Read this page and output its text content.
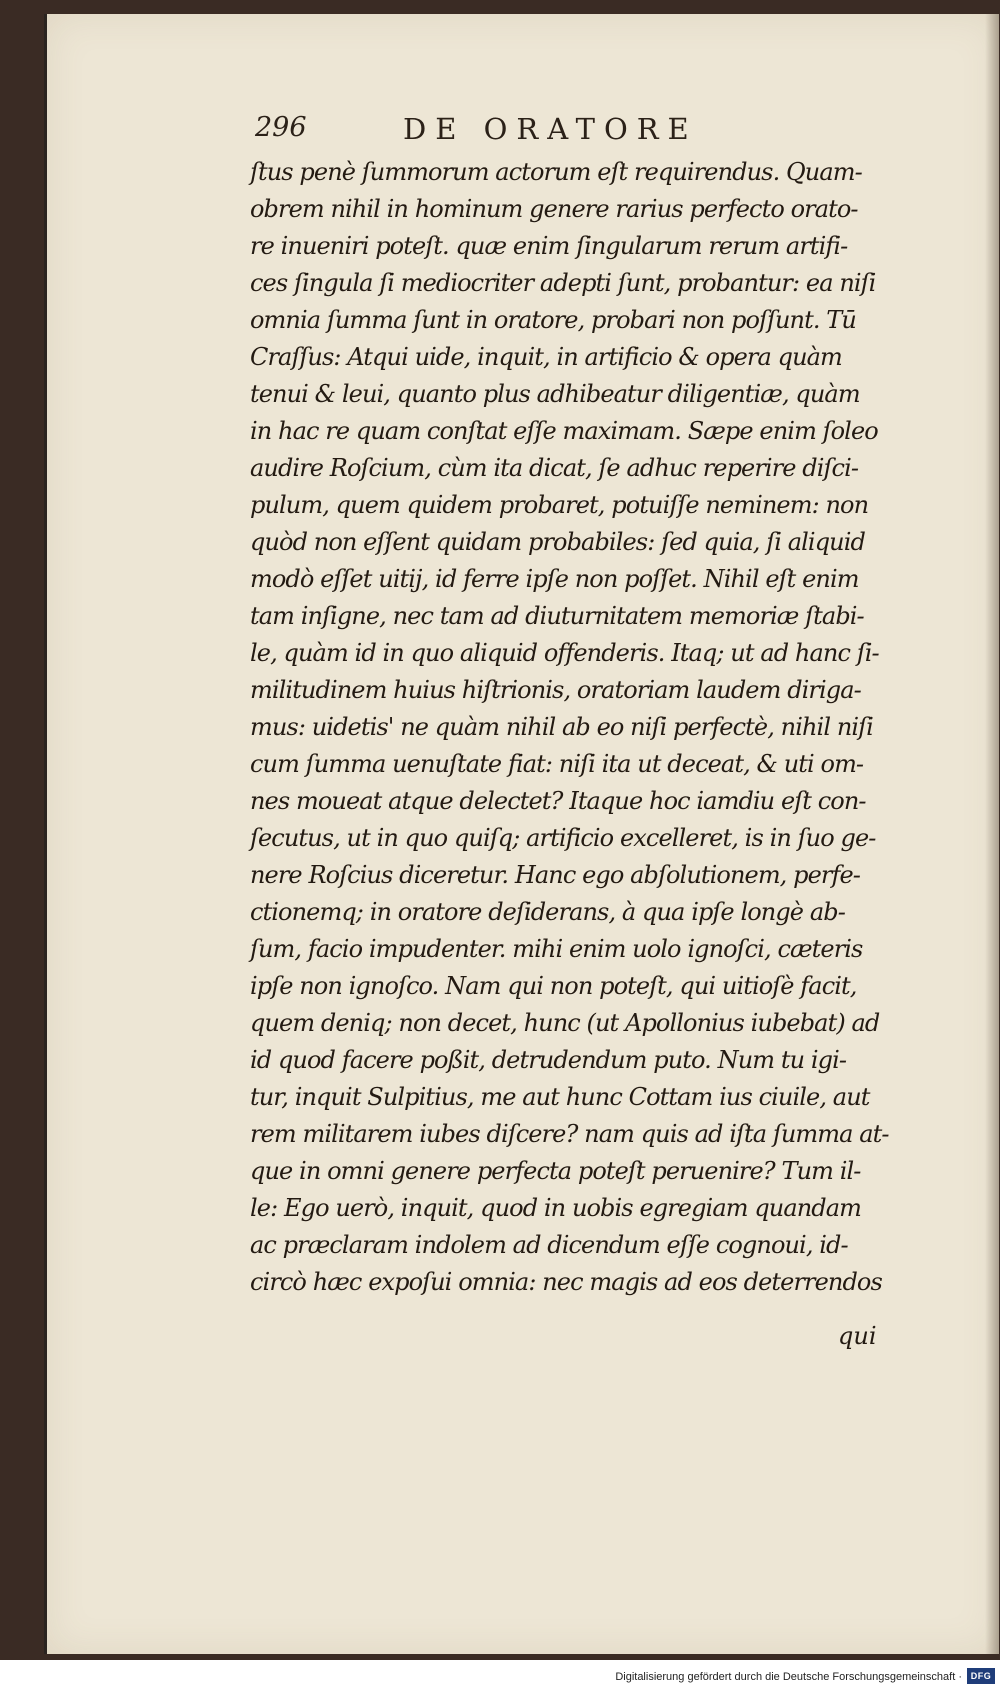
296	DE ORATORE
ſtus penè ſummorum actorum eſt requirendus. Quam-
obrem nihil in hominum genere rarius perfecto orato-
re inueniri poteſt. quæ enim ſingularum rerum artifi-
ces ſingula ſi mediocriter adepti ſunt, probantur: ea niſi
omnia ſumma ſunt in oratore, probari non poſſunt. Tū
Craſſus: Atqui uide, inquit, in artificio & opera quàm
tenui & leui, quanto plus adhibeatur diligentiæ, quàm
in hac re quam conſtat eſſe maximam. Sæpe enim ſoleo
audire Roſcium, cùm ita dicat, ſe adhuc reperire diſci-
pulum, quem quidem probaret, potuiſſe neminem: non
quòd non eſſent quidam probabiles: ſed quia, ſi aliquid
modò eſſet uitij, id ferre ipſe non poſſet. Nihil eſt enim
tam inſigne, nec tam ad diuturnitatem memoriæ ſtabi-
le, quàm id in quo aliquid offenderis. Itaq; ut ad hanc ſi-
militudinem huius hiſtrionis, oratoriam laudem diriga-
mus: uidetis' ne quàm nihil ab eo niſi perfectè, nihil niſi
cum ſumma uenuſtate fiat: niſi ita ut deceat, & uti om-
nes moueat atque delectet? Itaque hoc iamdiu eſt con-
ſecutus, ut in quo quiſq; artificio excelleret, is in ſuo ge-
nere Roſcius diceretur. Hanc ego abſolutionem, perfe-
ctionemq; in oratore deſiderans, à qua ipſe longè ab-
ſum, facio impudenter. mihi enim uolo ignoſci, cæteris
ipſe non ignoſco. Nam qui non poteſt, qui uitioſè facit,
quem deniq; non decet, hunc (ut Apollonius iubebat) ad
id quod facere poßit, detrudendum puto. Num tu igi-
tur, inquit Sulpitius, me aut hunc Cottam ius ciuile, aut
rem militarem iubes diſcere? nam quis ad iſta ſumma at-
que in omni genere perfecta poteſt peruenire? Tum il-
le: Ego uerò, inquit, quod in uobis egregiam quandam
ac præclaram indolem ad dicendum eſſe cognoui, id-
circò hæc expoſui omnia: nec magis ad eos deterrendos
qui
Digitalisierung gefördert durch die Deutsche Forschungsgemeinschaft · DFG
